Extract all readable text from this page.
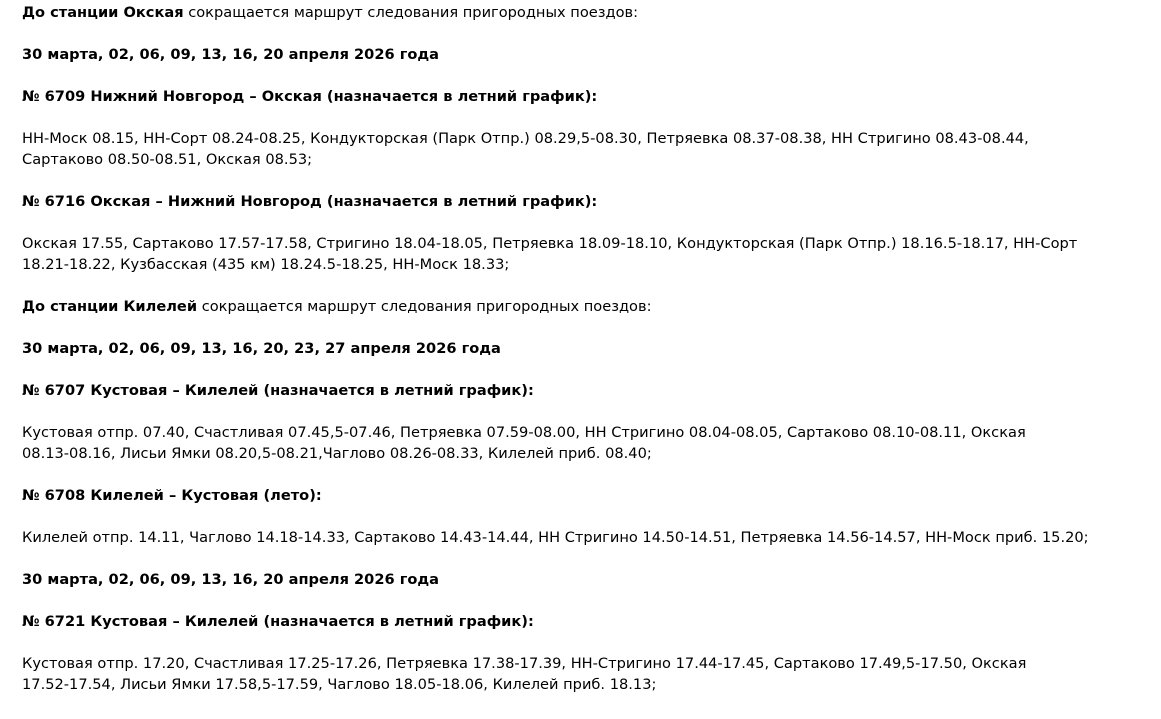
До станции Окская сокращается маршрут следования пригородных поездов:

30 марта, 02, 06, 09, 13, 16, 20 апреля 2026 года

№ 6709 Нижний Новгород – Окская (назначается в летний график):

НН-Моск 08.15, НН-Сорт 08.24-08.25, Кондукторская (Парк Отпр.) 08.29,5-08.30, Петряевка 08.37-08.38, НН Стригино 08.43-08.44,

Сартаково 08.50-08.51, Окская 08.53;

№ 6716 Окская – Нижний Новгород (назначается в летний график):

Окская 17.55, Сартаково 17.57-17.58, Стригино 18.04-18.05, Петряевка 18.09-18.10, Кондукторская (Парк Отпр.) 18.16.5-18.17, НН-Сорт

18.21-18.22, Кузбасская (435 км) 18.24.5-18.25, НН-Моск 18.33;

До станции Килелей сокращается маршрут следования пригородных поездов:

30 марта, 02, 06, 09, 13, 16, 20, 23, 27 апреля 2026 года

№ 6707 Кустовая – Килелей (назначается в летний график):

Кустовая отпр. 07.40, Счастливая 07.45,5-07.46, Петряевка 07.59-08.00, НН Стригино 08.04-08.05, Сартаково 08.10-08.11, Окская

08.13-08.16, Лисьи Ямки 08.20,5-08.21,Чаглово 08.26-08.33, Килелей приб. 08.40;

№ 6708 Килелей – Кустовая (лето):

Килелей отпр. 14.11, Чаглово 14.18-14.33, Сартаково 14.43-14.44, НН Стригино 14.50-14.51, Петряевка 14.56-14.57, НН-Моск приб. 15.20;

30 марта, 02, 06, 09, 13, 16, 20 апреля 2026 года

№ 6721 Кустовая – Килелей (назначается в летний график):

Кустовая отпр. 17.20, Счастливая 17.25-17.26, Петряевка 17.38-17.39, НН-Стригино 17.44-17.45, Сартаково 17.49,5-17.50, Окская

17.52-17.54, Лисьи Ямки 17.58,5-17.59, Чаглово 18.05-18.06, Килелей приб. 18.13;
